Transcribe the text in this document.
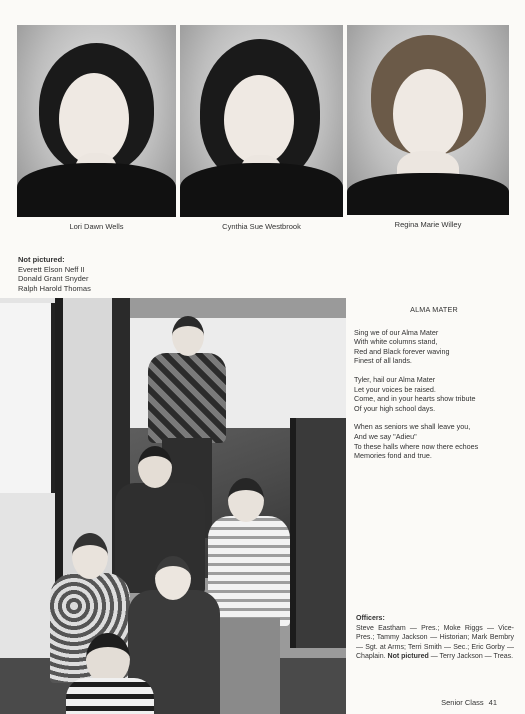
Lori Dawn Wells	Cynthia Sue Westbrook	Regina Marie Willey
Not pictured:
Everett Elson Neff II
Donald Grant Snyder
Ralph Harold Thomas
ALMA MATER
Sing we of our Alma Mater
With white columns stand,
Red and Black forever waving
Finest of all lands.
Tyler, hail our Alma Mater
Let your voices be raised.
Come, and in your hearts show tribute
Of your high school days.
When as seniors we shall leave you,
And we say "Adieu"
To these halls where now there echoes
Memories fond and true.
Officers:
Steve Eastham — Pres.; Moke Riggs — Vice-Pres.; Tammy Jackson — Historian; Mark Bembry — Sgt. at Arms; Terri Smith — Sec.; Eric Gorby — Chaplain. Not pictured — Terry Jackson — Treas.
Senior Class 41
